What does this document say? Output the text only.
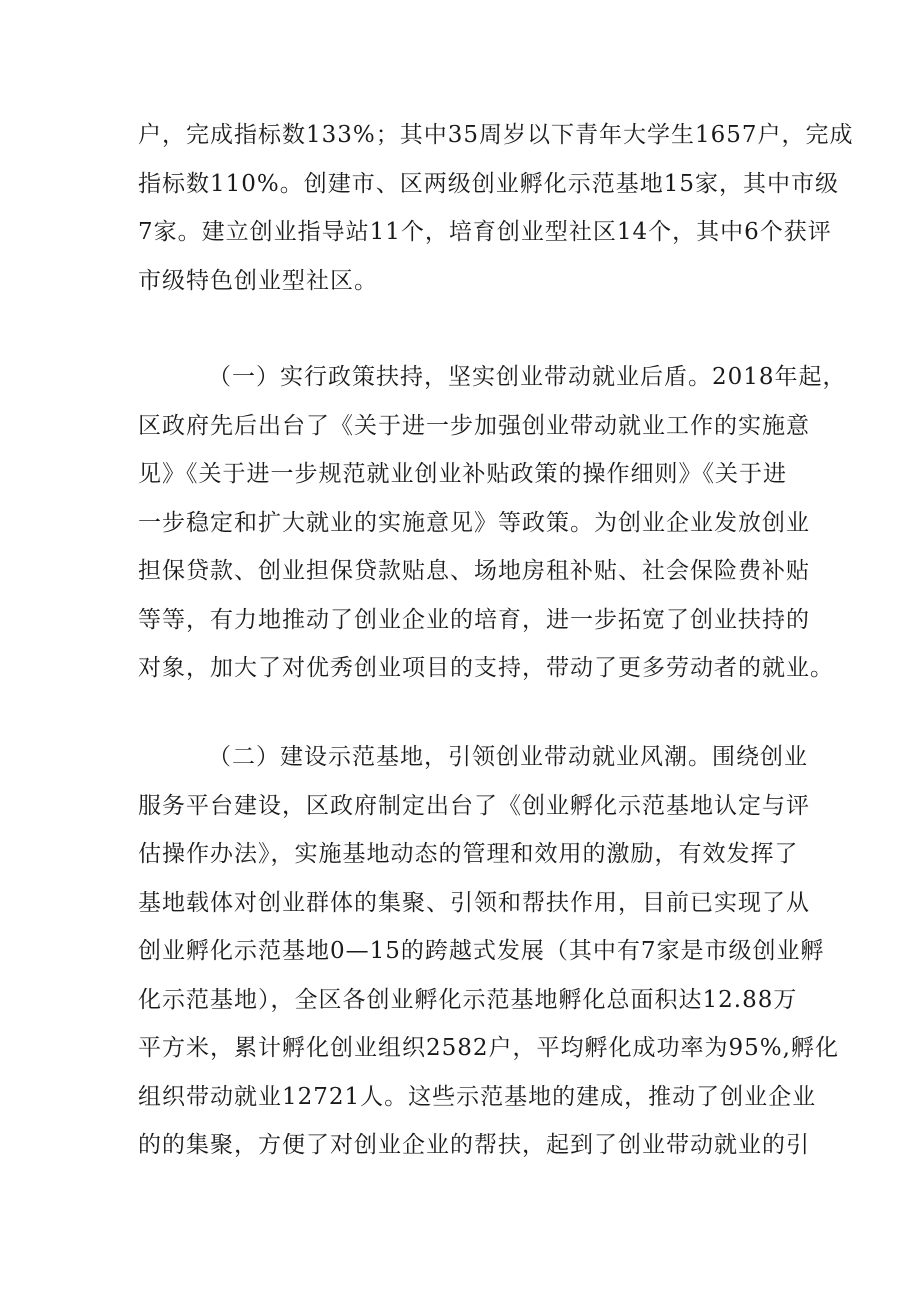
户，完成指标数133%；其中35周岁以下青年大学生1657户，完成
指标数110%。创建市、区两级创业孵化示范基地15家，其中市级
7家。建立创业指导站11个，培育创业型社区14个，其中6个获评
市级特色创业型社区。
（一）实行政策扶持，坚实创业带动就业后盾。2018年起，
区政府先后出台了《关于进一步加强创业带动就业工作的实施意
见》《关于进一步规范就业创业补贴政策的操作细则》《关于进
一步稳定和扩大就业的实施意见》等政策。为创业企业发放创业
担保贷款、创业担保贷款贴息、场地房租补贴、社会保险费补贴
等等，有力地推动了创业企业的培育，进一步拓宽了创业扶持的
对象，加大了对优秀创业项目的支持，带动了更多劳动者的就业。
（二）建设示范基地，引领创业带动就业风潮。围绕创业
服务平台建设，区政府制定出台了《创业孵化示范基地认定与评
估操作办法》，实施基地动态的管理和效用的激励，有效发挥了
基地载体对创业群体的集聚、引领和帮扶作用，目前已实现了从
创业孵化示范基地0—15的跨越式发展（其中有7家是市级创业孵
化示范基地），全区各创业孵化示范基地孵化总面积达12.88万
平方米，累计孵化创业组织2582户，平均孵化成功率为95%,孵化
组织带动就业12721人。这些示范基地的建成，推动了创业企业
的的集聚，方便了对创业企业的帮扶，起到了创业带动就业的引
